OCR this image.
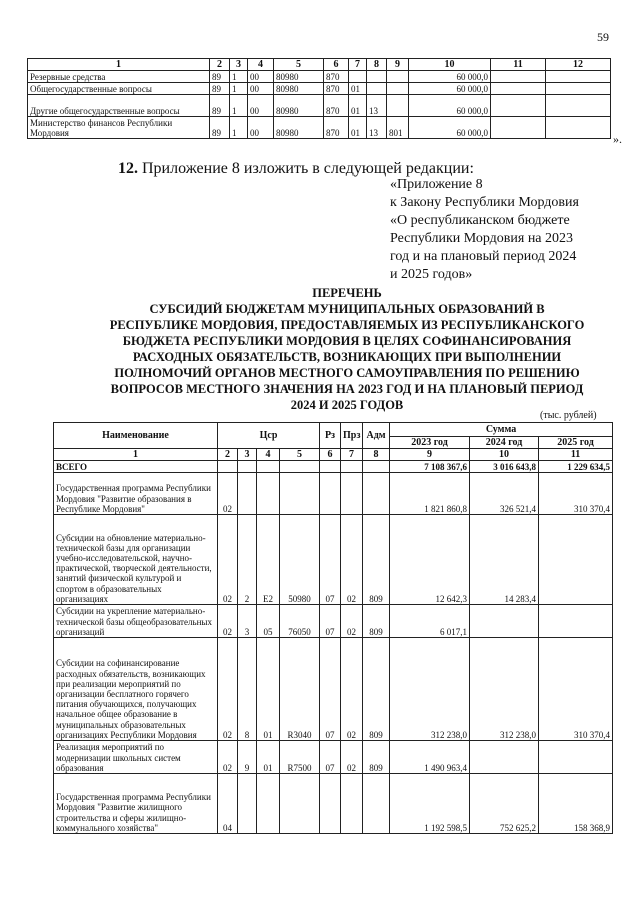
59
1	2	3	4	5	6	7	8	9	10	11	12
Резервные средства	89	1	00	80980	870				60 000,0		
Общегосударственные вопросы	89	1	00	80980	870	01			60 000,0		
Другие общегосударственные вопросы	89	1	00	80980	870	01	13		60 000,0		
Министерство финансов Республики Мордовия	89	1	00	80980	870	01	13	801	60 000,0			».
12. Приложение 8 изложить в следующей редакции:
«Приложение 8
к Закону Республики Мордовия
«О республиканском бюджете
Республики Мордовия на 2023
год и на плановый период 2024
и 2025 годов»
ПЕРЕЧЕНЬ
СУБСИДИЙ БЮДЖЕТАМ МУНИЦИПАЛЬНЫХ ОБРАЗОВАНИЙ В
РЕСПУБЛИКЕ МОРДОВИЯ, ПРЕДОСТАВЛЯЕМЫХ ИЗ РЕСПУБЛИКАНСКОГО
БЮДЖЕТА РЕСПУБЛИКИ МОРДОВИЯ В ЦЕЛЯХ СОФИНАНСИРОВАНИЯ
РАСХОДНЫХ ОБЯЗАТЕЛЬСТВ, ВОЗНИКАЮЩИХ ПРИ ВЫПОЛНЕНИИ
ПОЛНОМОЧИЙ ОРГАНОВ МЕСТНОГО САМОУПРАВЛЕНИЯ ПО РЕШЕНИЮ
ВОПРОСОВ МЕСТНОГО ЗНАЧЕНИЯ НА 2023 ГОД И НА ПЛАНОВЫЙ ПЕРИОД
2024 И 2025 ГОДОВ
(тыс. рублей)
Наименование	Цср				Рз	Прз	Адм	Сумма		
								2023 год	2024 год	2025 год
1	2	3	4	5	6	7	8	9	10	11
ВСЕГО								7 108 367,6	3 016 643,8	1 229 634,5
Государственная программа Республики Мордовия "Развитие образования в Республике Мордовия"	02							1 821 860,8	326 521,4	310 370,4
Субсидии на обновление материально-технической базы для организации учебно-исследовательской, научно-практической, творческой деятельности, занятий физической культурой и спортом в образовательных организациях	02	2	E2	50980	07	02	809	12 642,3	14 283,4	
Субсидии на укрепление материально-технической базы общеобразовательных организаций	02	3	05	76050	07	02	809	6 017,1		
Субсидии на софинансирование расходных обязательств, возникающих при реализации мероприятий по организации бесплатного горячего питания обучающихся, получающих начальное общее образование в муниципальных образовательных организациях Республики Мордовия	02	8	01	R3040	07	02	809	312 238,0	312 238,0	310 370,4
Реализация мероприятий по модернизации школьных систем образования	02	9	01	R7500	07	02	809	1 490 963,4		
Государственная программа Республики Мордовия "Развитие жилищного строительства и сферы жилищно-коммунального хозяйства"	04							1 192 598,5	752 625,2	158 368,9
